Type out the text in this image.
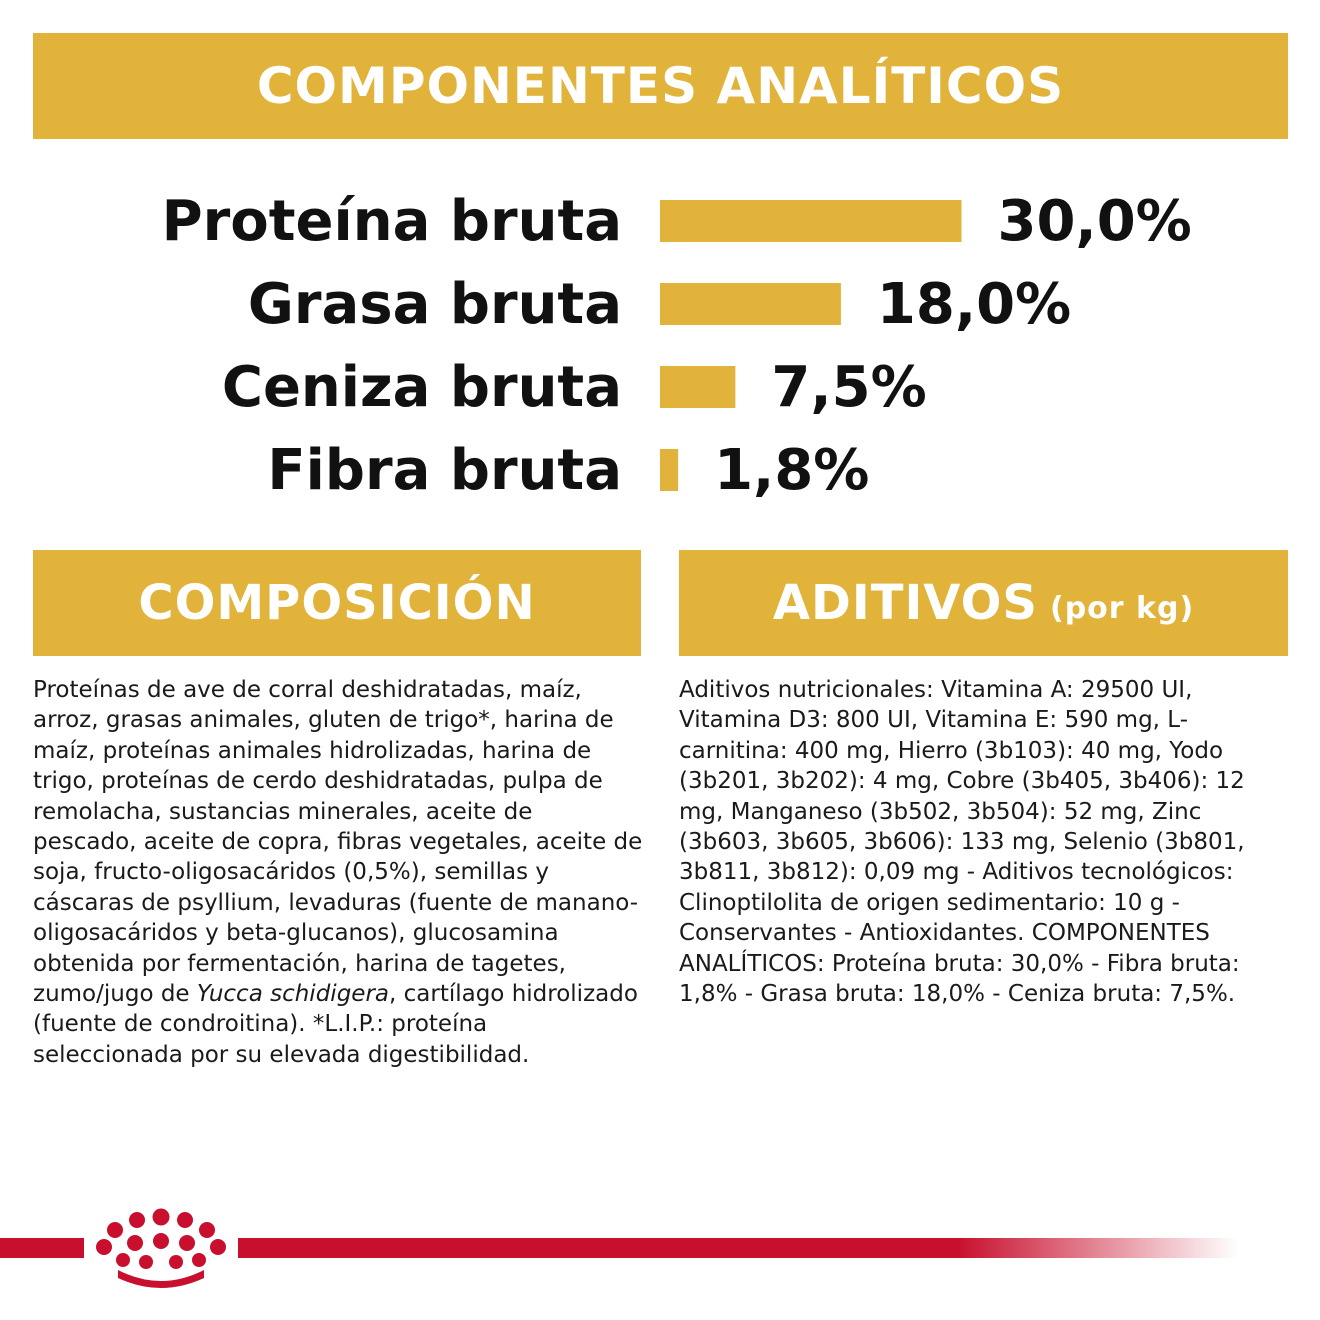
COMPONENTES ANALÍTICOS
Proteína bruta	30,0%
Grasa bruta	18,0%
Ceniza bruta	7,5%
Fibra bruta 1,8%
COMPOSICIÓN	ADITIVOS (por kg)

Proteínas de ave de corral deshidratadas, maíz, arroz, grasas animales, gluten de trigo*, harina de maíz, proteínas animales hidrolizadas, harina de trigo, proteínas de cerdo deshidratadas, pulpa de remolacha, sustancias minerales, aceite de pescado, aceite de copra, fibras vegetales, aceite de soja, fructo-oligosacáridos (0,5%), semillas y cáscaras de psyllium, levaduras (fuente de manano-oligosacáridos y beta-glucanos), glucosamina obtenida por fermentación, harina de tagetes, zumo/jugo de Yucca schidigera, cartílago hidrolizado (fuente de condroitina). *L.I.P.: proteína seleccionada por su elevada digestibilidad.

Aditivos nutricionales: Vitamina A: 29500 UI, Vitamina D3: 800 UI, Vitamina E: 590 mg, L-carnitina: 400 mg, Hierro (3b103): 40 mg, Yodo (3b201, 3b202): 4 mg, Cobre (3b405, 3b406): 12 mg, Manganeso (3b502, 3b504): 52 mg, Zinc (3b603, 3b605, 3b606): 133 mg, Selenio (3b801, 3b811, 3b812): 0,09 mg - Aditivos tecnológicos: Clinoptilolita de origen sedimentario: 10 g - Conservantes - Antioxidantes. COMPONENTES ANALÍTICOS: Proteína bruta: 30,0% - Fibra bruta: 1,8% - Grasa bruta: 18,0% - Ceniza bruta: 7,5%.
